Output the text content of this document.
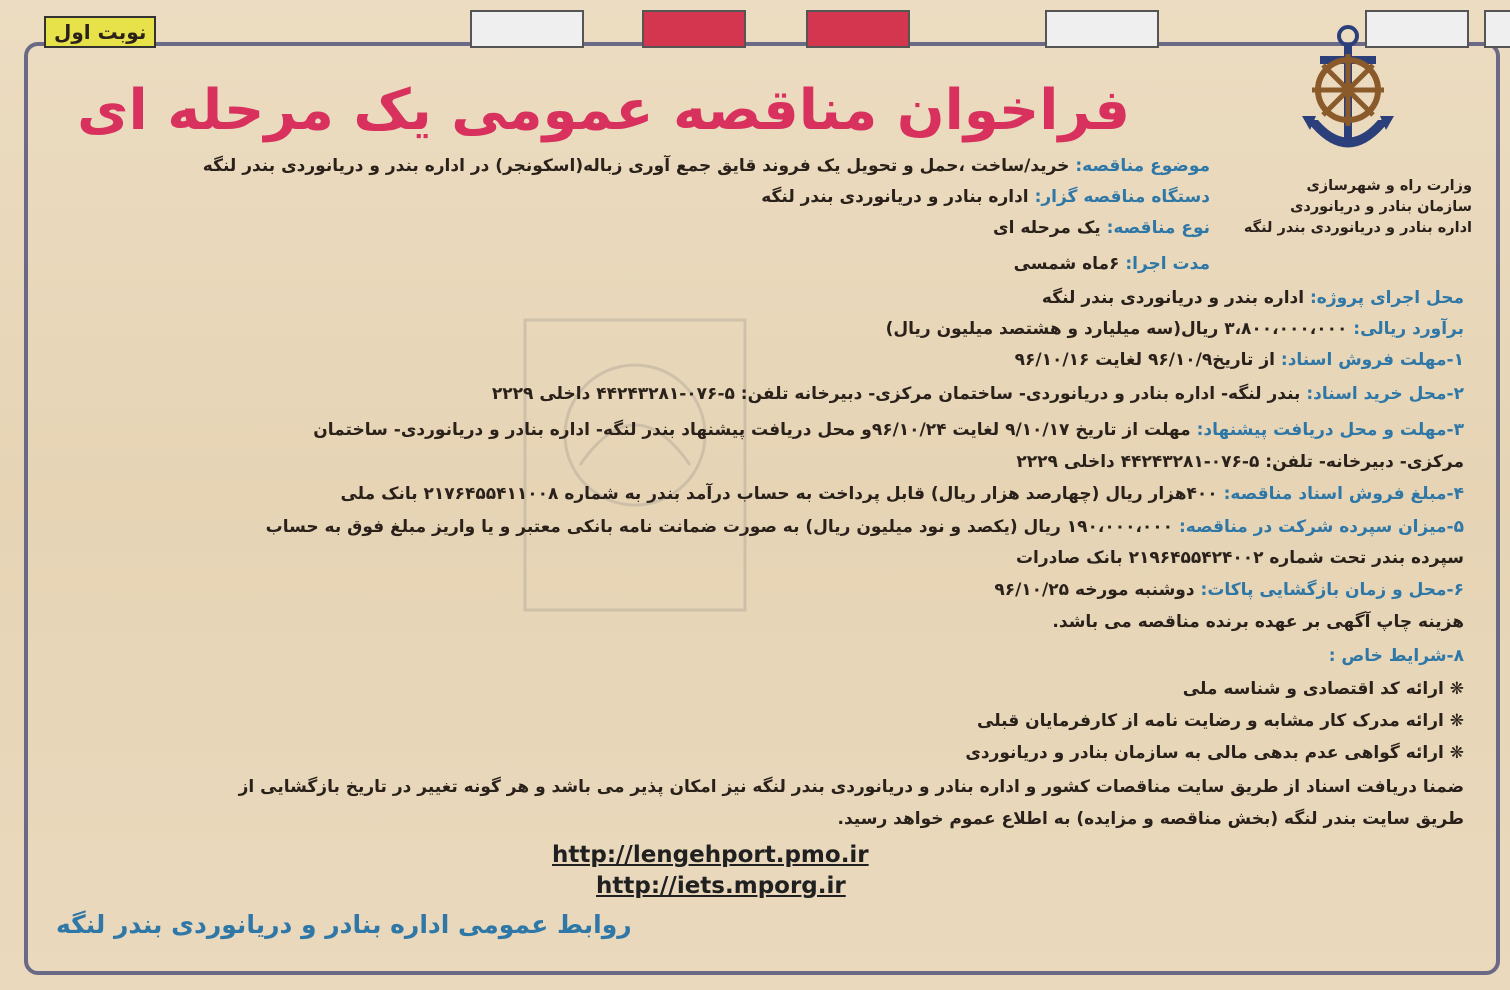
نوبت اول
وزارت راه و شهرسازی
سازمان بنادر و دریانوردی
اداره بنادر و دریانوردی بندر لنگه
فراخوان مناقصه عمومی یک مرحله ای
موضوع مناقصه: خرید/ساخت ،حمل و تحویل یک فروند قایق جمع آوری زباله(اسکونجر) در اداره بندر و دریانوردی بندر لنگه
دستگاه مناقصه گزار: اداره بنادر و دریانوردی بندر لنگه
نوع مناقصه: یک مرحله ای
مدت اجرا: ۶ماه شمسی
محل اجرای پروژه: اداره بندر و دریانوردی بندر لنگه
برآورد ریالی: ۳،۸۰۰،۰۰۰،۰۰۰ ریال(سه میلیارد و هشتصد میلیون ریال)
۱-مهلت فروش اسناد: از تاریخ۹۶/۱۰/۹ لغایت ۹۶/۱۰/۱۶
۲-محل خرید اسناد: بندر لنگه- اداره بنادر و دریانوردی- ساختمان مرکزی- دبیرخانه تلفن: ۵-۰۷۶-۴۴۲۴۳۲۸۱ داخلی ۲۲۲۹
۳-مهلت و محل دریافت پیشنهاد: مهلت از تاریخ ۹/۱۰/۱۷ لغایت ۹۶/۱۰/۲۴و محل دریافت پیشنهاد بندر لنگه- اداره بنادر و دریانوردی- ساختمان
مرکزی- دبیرخانه- تلفن: ۵-۰۷۶-۴۴۲۴۳۲۸۱ داخلی ۲۲۲۹
۴-مبلغ فروش اسناد مناقصه: ۴۰۰هزار ریال (چهارصد هزار ریال) قابل پرداخت به حساب درآمد بندر به شماره ۲۱۷۶۴۵۵۴۱۱۰۰۸ بانک ملی
۵-میزان سپرده شرکت در مناقصه: ۱۹۰،۰۰۰،۰۰۰ ریال (یکصد و نود میلیون ریال) به صورت ضمانت نامه بانکی معتبر و یا واریز مبلغ فوق به حساب
سپرده بندر تحت شماره ۲۱۹۶۴۵۵۴۲۴۰۰۲ بانک صادرات
۶-محل و زمان بازگشایی پاکات: دوشنبه مورخه ۹۶/۱۰/۲۵
هزینه چاپ آگهی بر عهده برنده مناقصه می باشد.
۸-شرایط خاص :
❋ ارائه کد اقتصادی و شناسه ملی
❋ ارائه مدرک کار مشابه و رضایت نامه از کارفرمایان قبلی
❋ ارائه گواهی عدم بدهی مالی به سازمان بنادر و دریانوردی
ضمنا دریافت اسناد از طریق سایت مناقصات کشور و اداره بنادر و دریانوردی بندر لنگه نیز امکان پذیر می باشد و هر گونه تغییر در تاریخ بازگشایی از
طریق سایت بندر لنگه (بخش مناقصه و مزایده) به اطلاع عموم خواهد رسید.
http://lengehport.pmo.ir
http://iets.mporg.ir
روابط عمومی اداره بنادر و دریانوردی بندر لنگه
